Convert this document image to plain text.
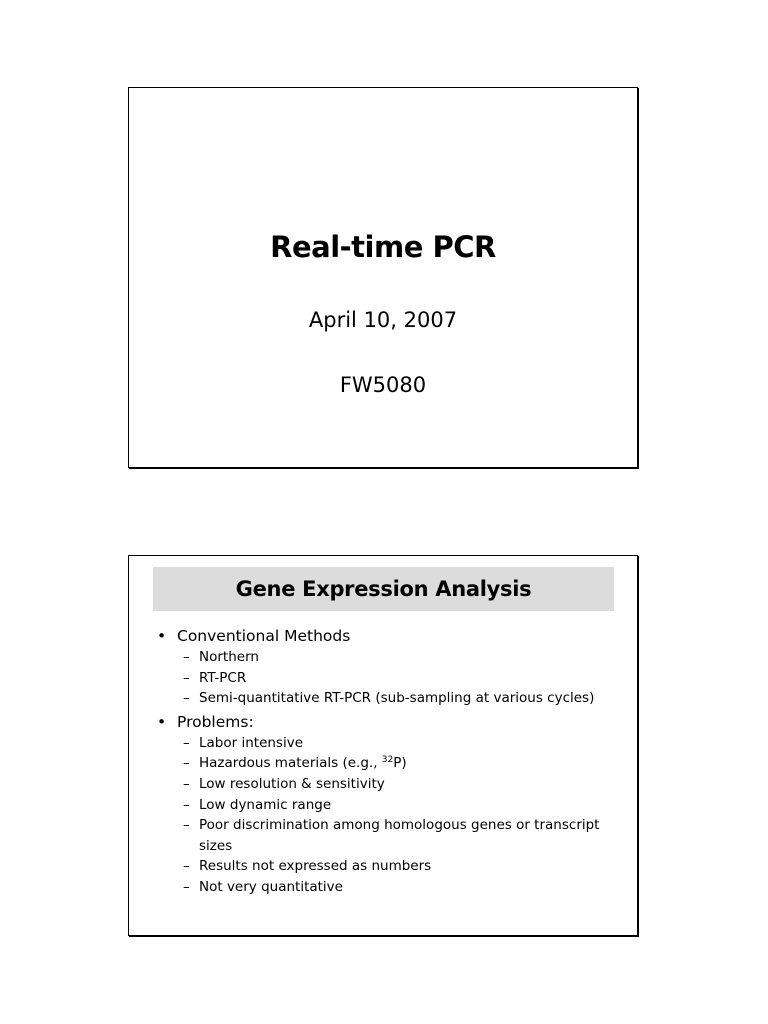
Real-time PCR
April 10, 2007
FW5080
Gene Expression Analysis
• Conventional Methods
– Northern
– RT-PCR
– Semi-quantitative RT-PCR (sub-sampling at various cycles)
• Problems:
– Labor intensive
– Hazardous materials (e.g., $^{32}$P)
– Low resolution & sensitivity
– Low dynamic range
– Poor discrimination among homologous genes or transcript sizes
– Results not expressed as numbers
– Not very quantitative
